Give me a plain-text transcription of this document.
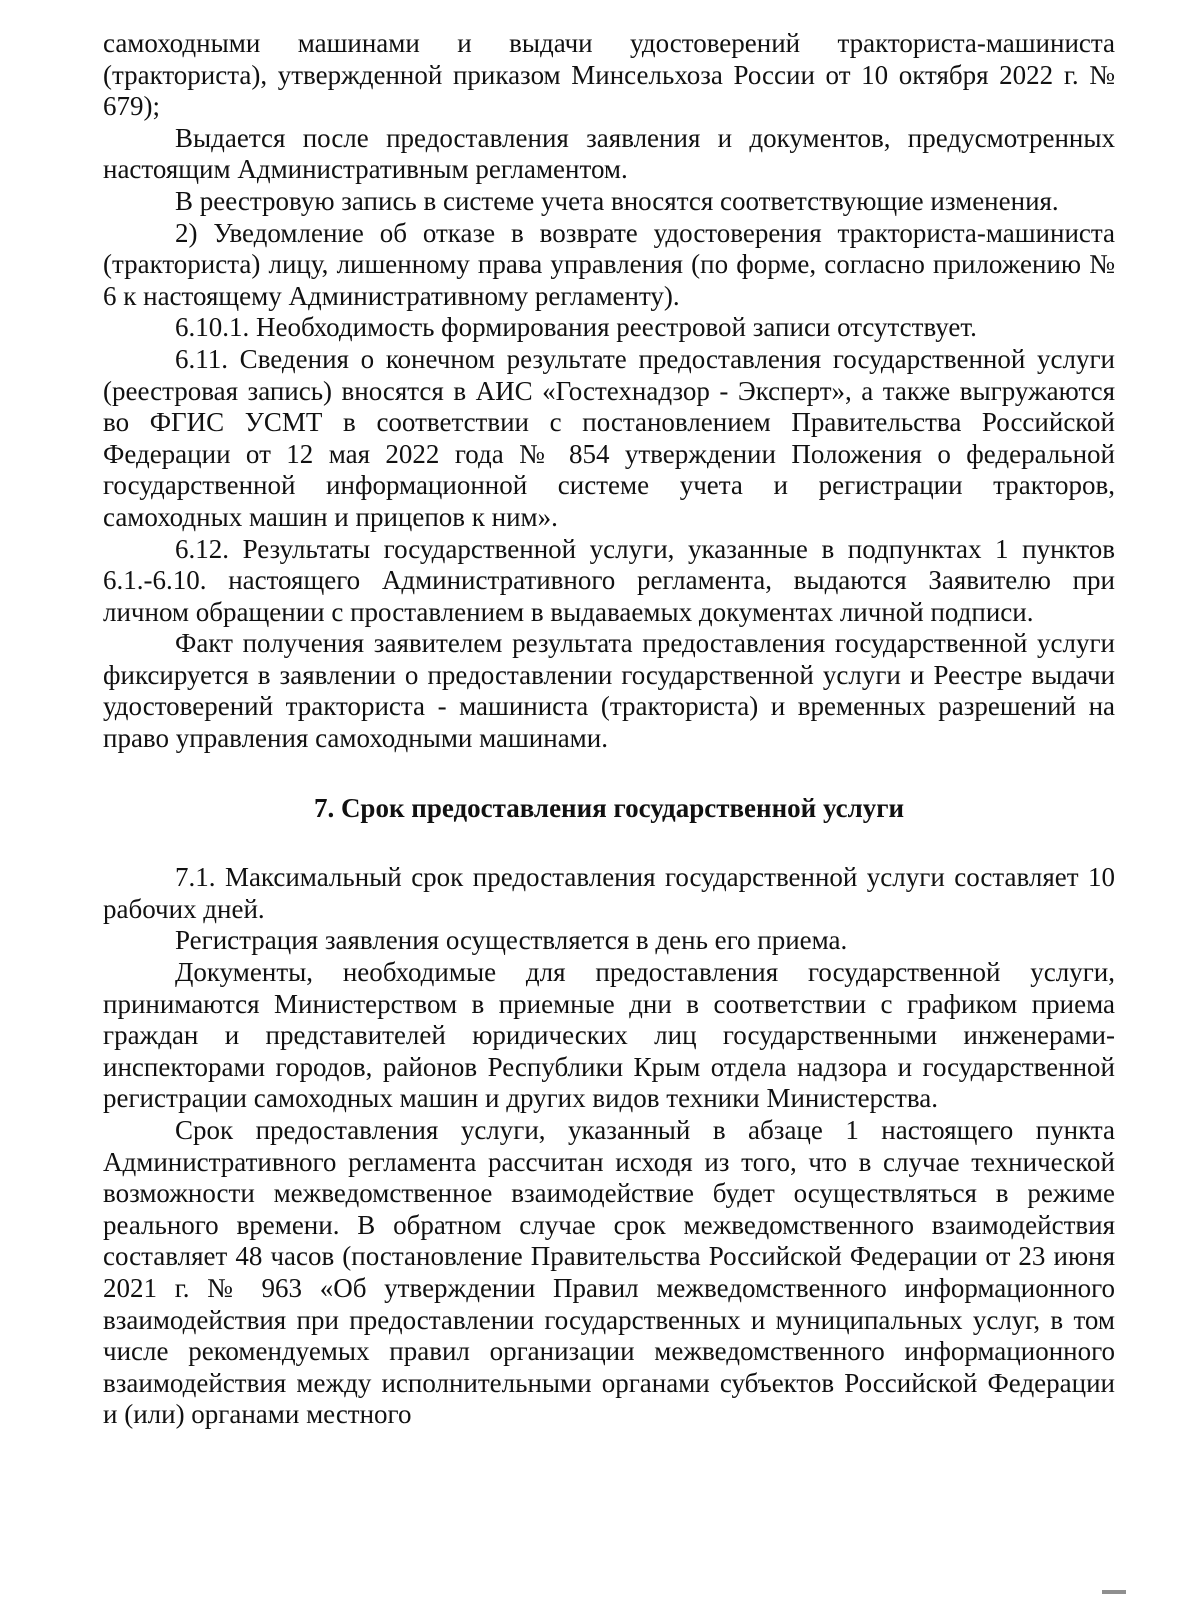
самоходными машинами и выдачи удостоверений тракториста-машиниста (тракториста), утвержденной приказом Минсельхоза России от 10 октября 2022 г. № 679);

Выдается после предоставления заявления и документов, предусмотренных настоящим Административным регламентом.

В реестровую запись в системе учета вносятся соответствующие изменения.

2) Уведомление об отказе в возврате удостоверения тракториста-машиниста (тракториста) лицу, лишенному права управления (по форме, согласно приложению № 6 к настоящему Административному регламенту).

6.10.1. Необходимость формирования реестровой записи отсутствует.

6.11. Сведения о конечном результате предоставления государственной услуги (реестровая запись) вносятся в АИС «Гостехнадзор - Эксперт», а также выгружаются во ФГИС УСМТ в соответствии с постановлением Правительства Российской Федерации от 12 мая 2022 года № 854 утверждении Положения о федеральной государственной информационной системе учета и регистрации тракторов, самоходных машин и прицепов к ним».

6.12. Результаты государственной услуги, указанные в подпунктах 1 пунктов 6.1.-6.10. настоящего Административного регламента, выдаются Заявителю при личном обращении с проставлением в выдаваемых документах личной подписи.

Факт получения заявителем результата предоставления государственной услуги фиксируется в заявлении о предоставлении государственной услуги и Реестре выдачи удостоверений тракториста - машиниста (тракториста) и временных разрешений на право управления самоходными машинами.

7. Срок предоставления государственной услуги

7.1. Максимальный срок предоставления государственной услуги составляет 10 рабочих дней.

Регистрация заявления осуществляется в день его приема.

Документы, необходимые для предоставления государственной услуги, принимаются Министерством в приемные дни в соответствии с графиком приема граждан и представителей юридических лиц государственными инженерами-инспекторами городов, районов Республики Крым отдела надзора и государственной регистрации самоходных машин и других видов техники Министерства.

Срок предоставления услуги, указанный в абзаце 1 настоящего пункта Административного регламента рассчитан исходя из того, что в случае технической возможности межведомственное взаимодействие будет осуществляться в режиме реального времени. В обратном случае срок межведомственного взаимодействия составляет 48 часов (постановление Правительства Российской Федерации от 23 июня 2021 г. № 963 «Об утверждении Правил межведомственного информационного взаимодействия при предоставлении государственных и муниципальных услуг, в том числе рекомендуемых правил организации межведомственного информационного взаимодействия между исполнительными органами субъектов Российской Федерации и (или) органами местного
